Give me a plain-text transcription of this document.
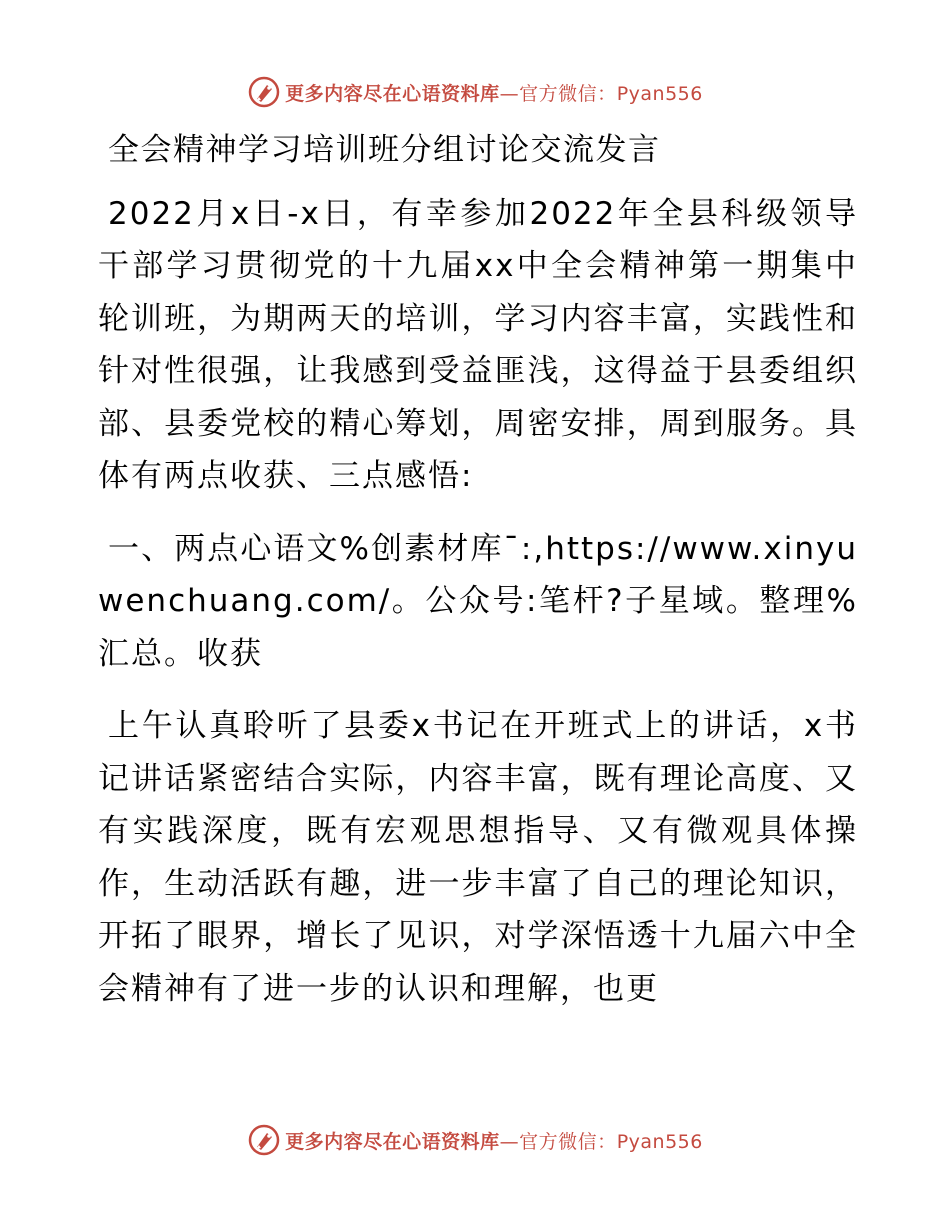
更多内容尽在心语资料库—官方微信：Pyan556
全会精神学习培训班分组讨论交流发言

2022月x日-x日，有幸参加2022年全县科级领导干部学习贯彻党的十九届xx中全会精神第一期集中轮训班，为期两天的培训，学习内容丰富，实践性和针对性很强，让我感到受益匪浅，这得益于县委组织部、县委党校的精心筹划，周密安排，周到服务。具体有两点收获、三点感悟:

一、两点心语文%创素材库¯:,https://www.xinyuwenchuang.com/。公众号:笔杆?子星域。整理%汇总。收获

上午认真聆听了县委x书记在开班式上的讲话，x书记讲话紧密结合实际，内容丰富，既有理论高度、又有实践深度，既有宏观思想指导、又有微观具体操作，生动活跃有趣，进一步丰富了自己的理论知识，开拓了眼界，增长了见识，对学深悟透十九届六中全会精神有了进一步的认识和理解，也更

更多内容尽在心语资料库—官方微信：Pyan556
